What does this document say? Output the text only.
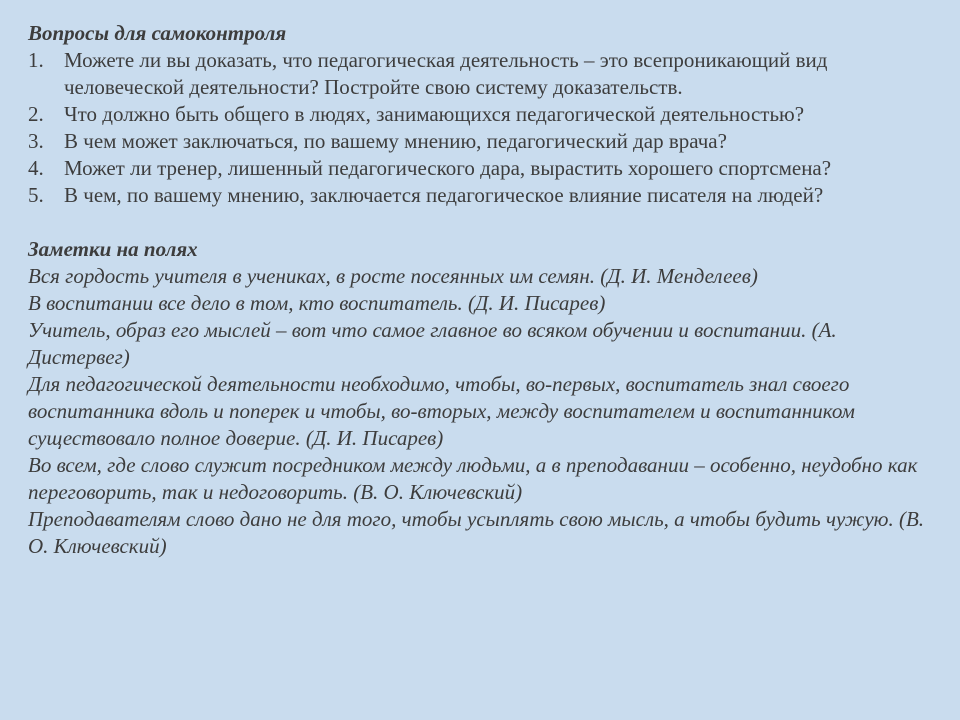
Вопросы для самоконтроля

1. Можете ли вы доказать, что педагогическая деятельность – это всепроникающий вид человеческой деятельности? Постройте свою систему доказательств.
2. Что должно быть общего в людях, занимающихся педагогической деятельностью?
3. В чем может заключаться, по вашему мнению, педагогический дар врача?
4. Может ли тренер, лишенный педагогического дара, вырастить хорошего спортсмена?
5. В чем, по вашему мнению, заключается педагогическое влияние писателя на людей?

Заметки на полях

Вся гордость учителя в учениках, в росте посеянных им семян. (Д. И. Менделеев)

В воспитании все дело в том, кто воспитатель. (Д. И. Писарев)

Учитель, образ его мыслей – вот что самое главное во всяком обучении и воспитании. (А. Дистервег)

Для педагогической деятельности необходимо, чтобы, во-первых, воспитатель знал своего воспитанника вдоль и поперек и чтобы, во-вторых, между воспитателем и воспитанником существовало полное доверие. (Д. И. Писарев)

Во всем, где слово служит посредником между людьми, а в преподавании – особенно, неудобно как переговорить, так и недоговорить. (В. О. Ключевский)

Преподавателям слово дано не для того, чтобы усыплять свою мысль, а чтобы будить чужую. (В. О. Ключевский)
